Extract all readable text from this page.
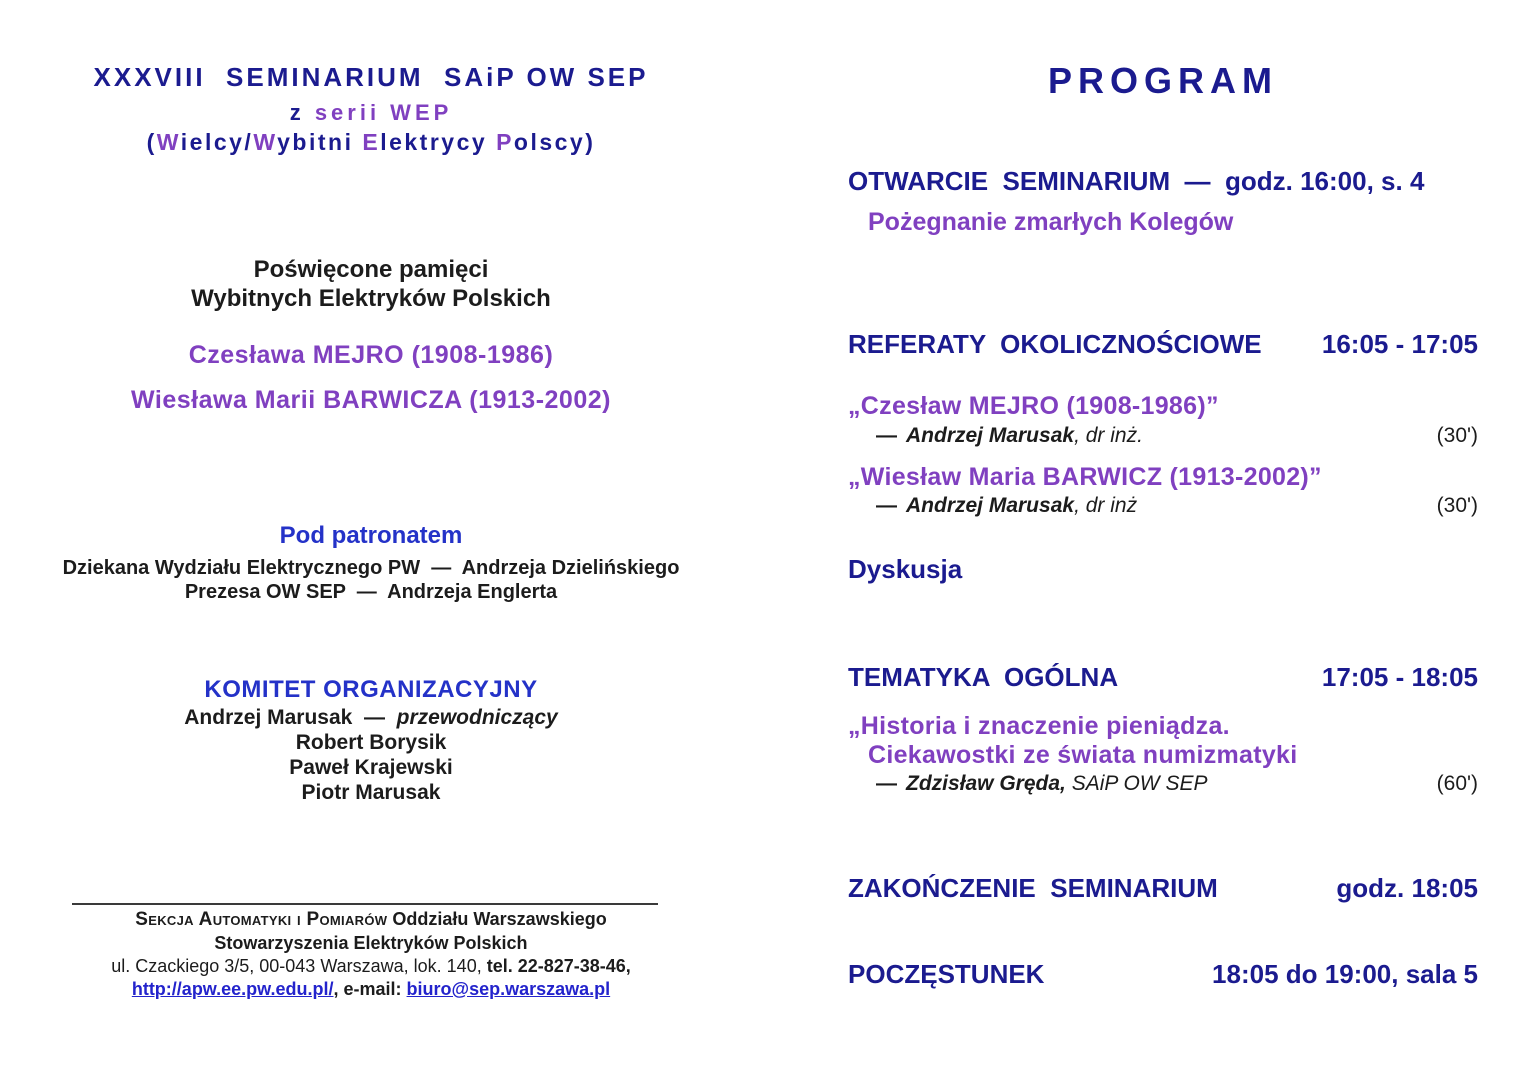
XXXVIII  SEMINARIUM  SAiP OW SEP
z serii WEP
(Wielcy/Wybitni Elektrycy Polscy)
Poświęcone pamięci
Wybitnych Elektryków Polskich
Czesława MEJRO (1908-1986)
Wiesława Marii BARWICZA (1913-2002)
Pod patronatem
Dziekana Wydziału Elektrycznego PW  —  Andrzeja Dzielińskiego
Prezesa OW SEP  —  Andrzeja Englerta
KOMITET ORGANIZACYJNY
Andrzej Marusak — przewodniczący
Robert Borysik
Paweł Krajewski
Piotr Marusak
Sekcja Automatyki i Pomiarów Oddziału Warszawskiego
Stowarzyszenia Elektryków Polskich
ul. Czackiego 3/5, 00-043 Warszawa, lok. 140, tel. 22-827-38-46,
http://apw.ee.pw.edu.pl/, e-mail: biuro@sep.warszawa.pl
PROGRAM
OTWARCIE  SEMINARIUM  —  godz. 16:00, s. 4
Pożegnanie zmarłych Kolegów
REFERATY  OKOLICZNOŚCIOWE 16:05 - 17:05
„Czesław MEJRO (1908-1986)”
— Andrzej Marusak, dr inż.	(30')
„Wiesław Maria BARWICZ (1913-2002)”
— Andrzej Marusak, dr inż	(30')
Dyskusja
TEMATYKA  OGÓLNA	17:05 - 18:05
„Historia i znaczenie pieniądza.
Ciekawostki ze świata numizmatyki
— Zdzisław Gręda, SAiP OW SEP	(60')
ZAKOŃCZENIE  SEMINARIUM	godz. 18:05
POCZĘSTUNEK	18:05 do 19:00, sala 5
